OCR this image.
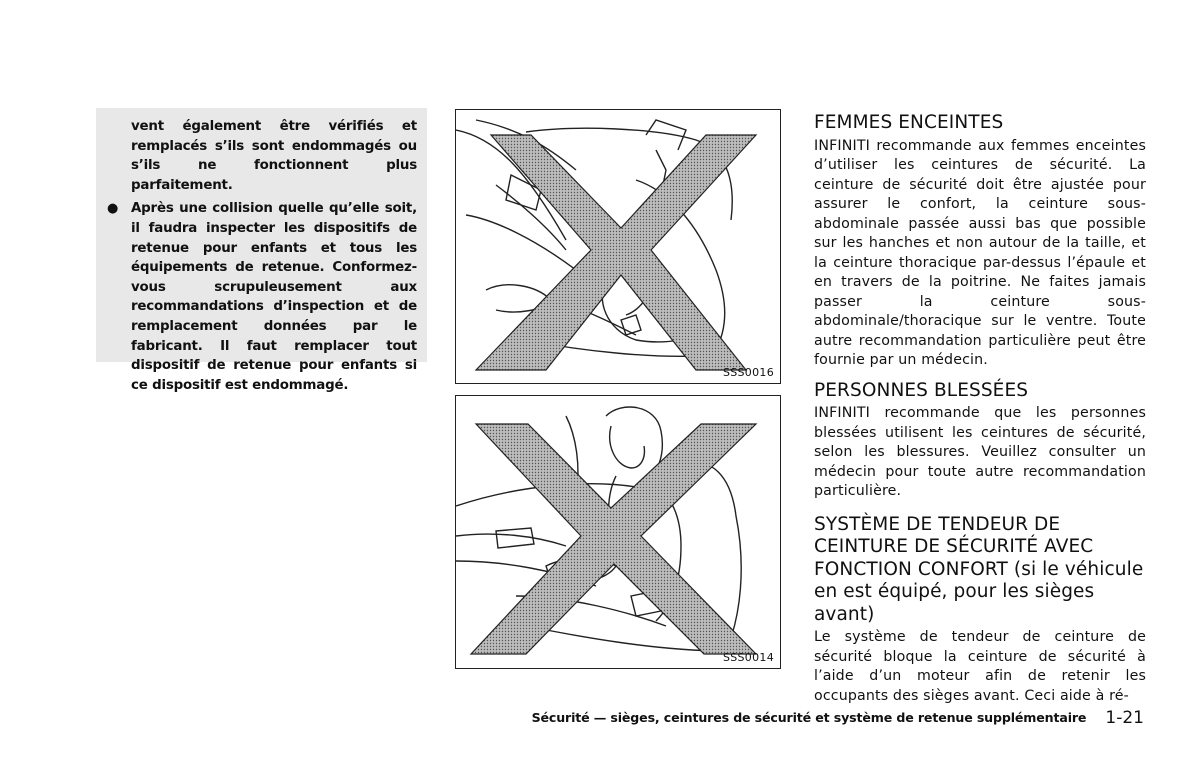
vent également être vérifiés et remplacés s’ils sont endommagés ou s’ils ne fonctionnent plus parfaitement.

● Après une collision quelle qu’elle soit, il faudra inspecter les dispositifs de retenue pour enfants et tous les équipements de retenue. Conformez-vous scrupuleusement aux recommandations d’inspection et de remplacement données par le fabricant. Il faut remplacer tout dispositif de retenue pour enfants si ce dispositif est endommagé.

SSS0016
SSS0014
FEMMES ENCEINTES

INFINITI recommande aux femmes enceintes d’utiliser les ceintures de sécurité. La ceinture de sécurité doit être ajustée pour assurer le confort, la ceinture sous-abdominale passée aussi bas que possible sur les hanches et non autour de la taille, et la ceinture thoracique par-dessus l’épaule et en travers de la poitrine. Ne faites jamais passer la ceinture sous-abdominale/thoracique sur le ventre. Toute autre recommandation particulière peut être fournie par un médecin.

PERSONNES BLESSÉES

INFINITI recommande que les personnes blessées utilisent les ceintures de sécurité, selon les blessures. Veuillez consulter un médecin pour toute autre recommandation particulière.

SYSTÈME DE TENDEUR DE CEINTURE DE SÉCURITÉ AVEC FONCTION CONFORT (si le véhicule en est équipé, pour les sièges avant)

Le système de tendeur de ceinture de sécurité bloque la ceinture de sécurité à l’aide d’un moteur afin de retenir les occupants des sièges avant. Ceci aide à ré-

Sécurité — sièges, ceintures de sécurité et système de retenue supplémentaire 1-21
